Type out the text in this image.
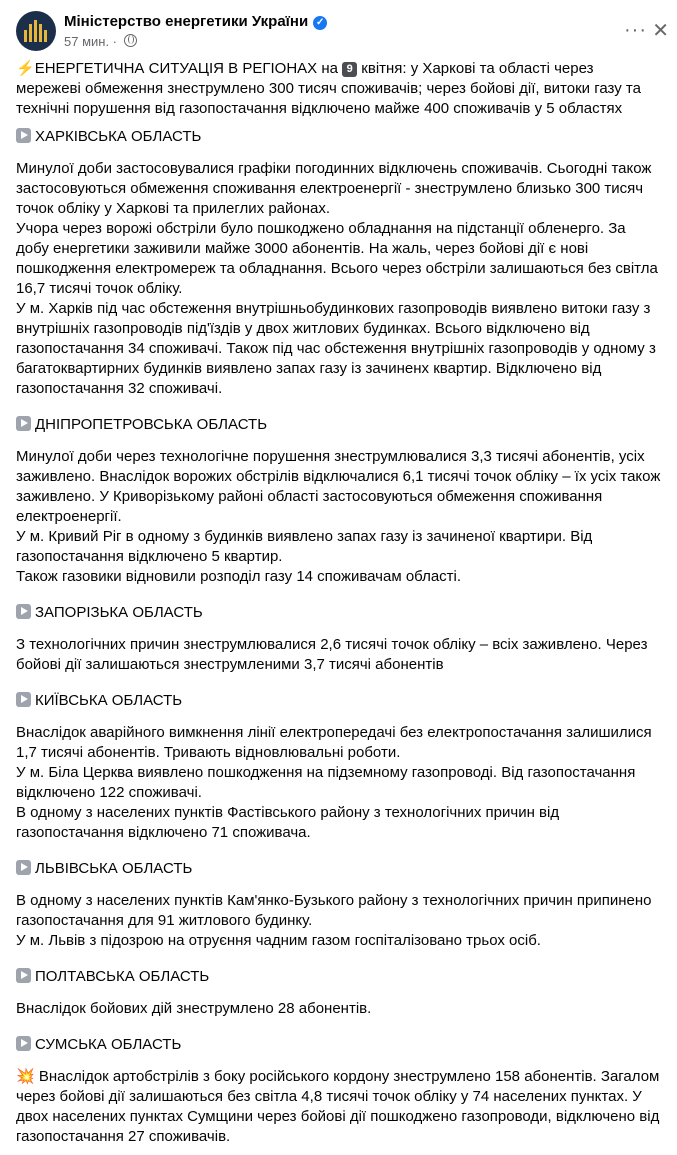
Міністерство енергетики України ✓
57 мин. ·
··· ✕

⚡ЕНЕРГЕТИЧНА СИТУАЦІЯ В РЕГІОНАХ на 9 квітня: у Харкові та області через мережеві обмеження знеструмлено 300 тисяч споживачів; через бойові дії, витоки газу та технічні порушення від газопостачання відключено майже 400 споживачів у 5 областях

ХАРКІВСЬКА ОБЛАСТЬ

Минулої доби застосовувалися графіки погодинних відключень споживачів. Сьогодні також застосовуються обмеження споживання електроенергії - знеструмлено близько 300 тисяч точок обліку у Харкові та прилеглих районах.

Учора через ворожі обстріли було пошкоджено обладнання на підстанції обленерго. За добу енергетики заживили майже 3000 абонентів. На жаль, через бойові дії є нові пошкодження електромереж та обладнання. Всього через обстріли залишаються без світла 16,7 тисячі точок обліку.

У м. Харків під час обстеження внутрішньобудинкових газопроводів виявлено витоки газу з внутрішніх газопроводів під'їздів у двох житлових будинках. Всього відключено від газопостачання 34 споживачі. Також під час обстеження внутрішніх газопроводів у одному з багатоквартирних будинків виявлено запах газу із зачиненх квартир. Відключено від газопостачання 32 споживачі.

ДНІПРОПЕТРОВСЬКА ОБЛАСТЬ

Минулої доби через технологічне порушення знеструмлювалися 3,3 тисячі абонентів, усіх заживлено. Внаслідок ворожих обстрілів відключалися 6,1 тисячі точок обліку – їх усіх також заживлено. У Криворізькому районі області застосовуються обмеження споживання електроенергії.

У м. Кривий Ріг в одному з будинків виявлено запах газу із зачиненої квартири. Від газопостачання відключено 5 квартир.

Також газовики відновили розподіл газу 14 споживачам області.

ЗАПОРІЗЬКА ОБЛАСТЬ

З технологічних причин знеструмлювалися 2,6 тисячі точок обліку – всіх заживлено. Через бойові дії залишаються знеструмленими 3,7 тисячі абонентів

КИЇВСЬКА ОБЛАСТЬ

Внаслідок аварійного вимкнення лінії електропередачі без електропостачання залишилися 1,7 тисячі абонентів. Тривають відновлювальні роботи.

У м. Біла Церква виявлено пошкодження на підземному газопроводі. Від газопостачання відключено 122 споживачі.

В одному з населених пунктів Фастівського району з технологічних причин від газопостачання відключено 71 споживача.

ЛЬВІВСЬКА ОБЛАСТЬ

В одному з населених пунктів Кам'янко-Бузького району з технологічних причин припинено газопостачання для 91 житлового будинку.

У м. Львів з підозрою на отруєння чадним газом госпіталізовано трьох осіб.

ПОЛТАВСЬКА ОБЛАСТЬ

Внаслідок бойових дій знеструмлено 28 абонентів.

СУМСЬКА ОБЛАСТЬ

💥 Внаслідок артобстрілів з боку російського кордону знеструмлено 158 абонентів. Загалом через бойові дії залишаються без світла 4,8 тисячі точок обліку у 74 населених пунктах. У двох населених пунктах Сумщини через бойові дії пошкоджено газопроводи, відключено від газопостачання 27 споживачів.
